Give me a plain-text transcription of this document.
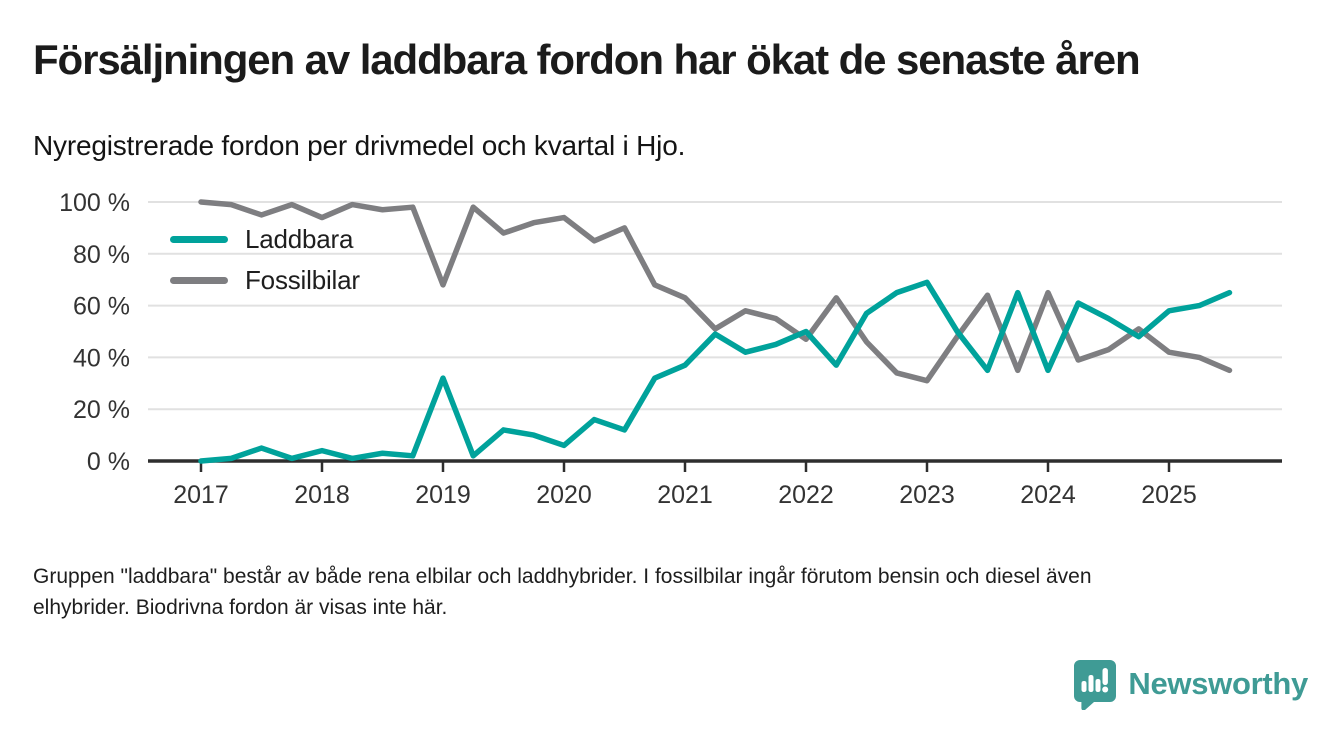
Försäljningen av laddbara fordon har ökat de senaste åren

Nyregistrerade fordon per drivmedel och kvartal i Hjo.

0 %
20 %
40 %
60 %
80 %
100 %
2017	2018	2019	2020	2021	2022	2023	2024	2025
Laddbara
Fossilbilar
Gruppen "laddbara" består av både rena elbilar och laddhybrider. I fossilbilar ingår förutom bensin och diesel även
elhybrider. Biodrivna fordon är visas inte här.
Newsworthy
